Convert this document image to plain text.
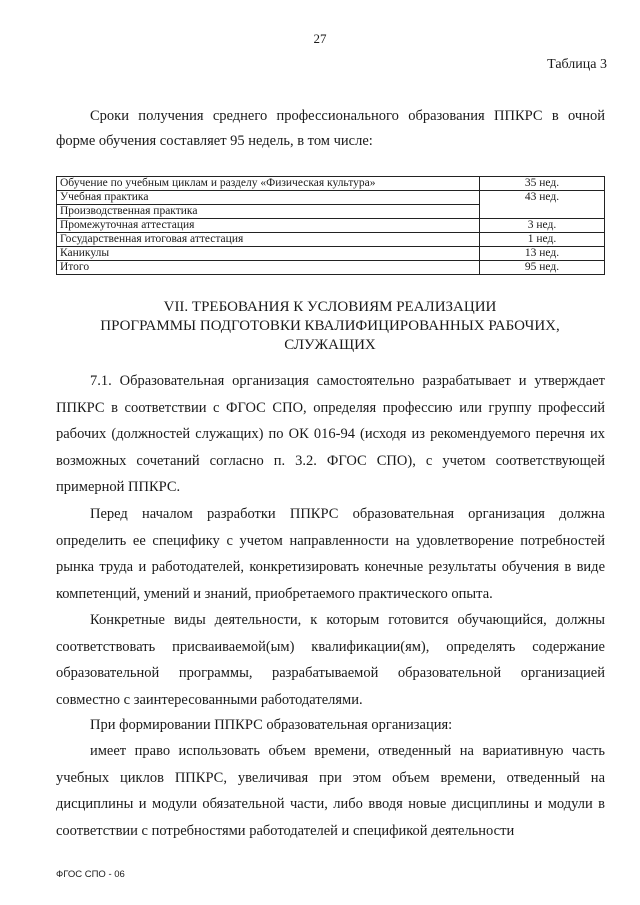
27
Таблица 3

Сроки получения среднего профессионального образования ППКРС в очной форме обучения составляет 95 недель, в том числе:

Обучение по учебным циклам и разделу «Физическая культура»	35 нед.
Учебная практика	43 нед.
Производственная практика	
Промежуточная аттестация	3 нед.
Государственная итоговая аттестация	1 нед.
Каникулы	13 нед.
Итого	95 нед.
VII. ТРЕБОВАНИЯ К УСЛОВИЯМ РЕАЛИЗАЦИИ
ПРОГРАММЫ ПОДГОТОВКИ КВАЛИФИЦИРОВАННЫХ РАБОЧИХ,
СЛУЖАЩИХ

7.1. Образовательная организация самостоятельно разрабатывает и утверждает ППКРС в соответствии с ФГОС СПО, определяя профессию или группу профессий рабочих (должностей служащих) по ОК 016-94 (исходя из рекомендуемого перечня их возможных сочетаний согласно п. 3.2. ФГОС СПО), с учетом соответствующей примерной ППКРС.

Перед началом разработки ППКРС образовательная организация должна определить ее специфику с учетом направленности на удовлетворение потребностей рынка труда и работодателей, конкретизировать конечные результаты обучения в виде компетенций, умений и знаний, приобретаемого практического опыта.

Конкретные виды деятельности, к которым готовится обучающийся, должны соответствовать присваиваемой(ым) квалификации(ям), определять содержание образовательной программы, разрабатываемой образовательной организацией совместно с заинтересованными работодателями.

При формировании ППКРС образовательная организация:

имеет право использовать объем времени, отведенный на вариативную часть учебных циклов ППКРС, увеличивая при этом объем времени, отведенный на дисциплины и модули обязательной части, либо вводя новые дисциплины и модули в соответствии с потребностями работодателей и спецификой деятельности

ФГОС СПО - 06
